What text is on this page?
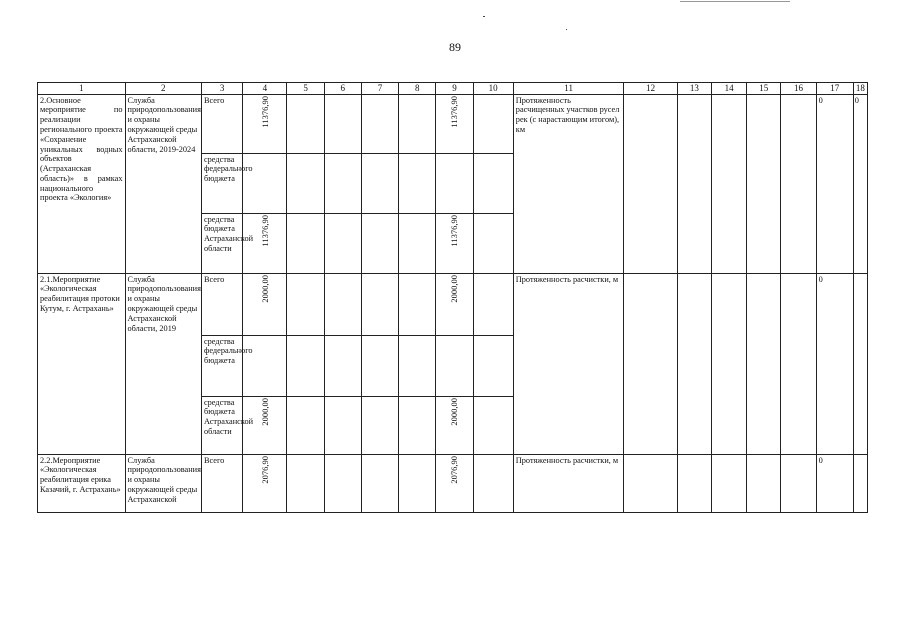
89
1	2	3	4	5	6	7	8	9	10	11	12	13	14	15	16	17	18
2.Основное мероприятие по реализации регионального проекта «Сохранение уникальных водных объектов (Астраханская область)» в рамках национального проекта «Экология»	Служба природопользования и охраны окружающей среды Астраханской области, 2019-2024	Всего	11376,90					11376,90		Протяженность расчищенных участков русел рек (с нарастающим итогом), км						0	0
		средства федерального бюджета															
		средства бюджета Астраханской области	11376,90					11376,90									
2.1.Мероприятие «Экологическая реабилитация протоки Кутум, г. Астрахань»	Служба природопользования и охраны окружающей среды Астраханской области, 2019	Всего	2000,00					2000,00		Протяженность расчистки, м						0	
		средства федерального бюджета															
		средства бюджета Астраханской области	2000,00					2000,00									
2.2.Мероприятие «Экологическая реабилитация ерика Казачий, г. Астрахань»	Служба природопользования и охраны окружающей среды Астраханской	Всего	2076,90					2076,90		Протяженность расчистки, м						0	
